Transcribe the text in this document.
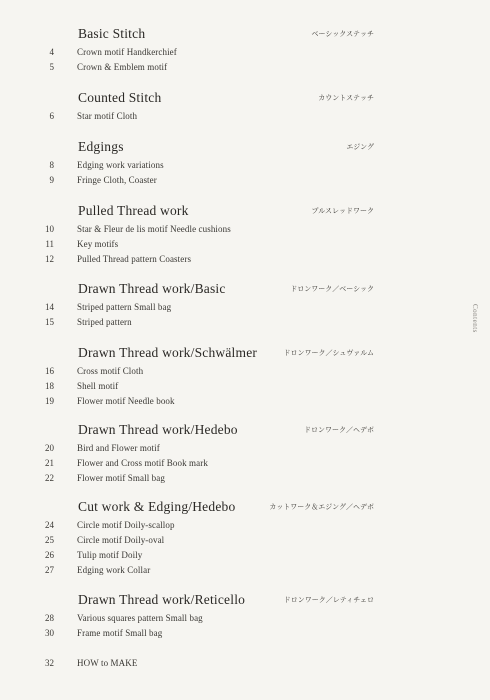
Basic Stitch	ベーシックステッチ
4	Crown motif Handkerchief
5	Crown & Emblem motif
Counted Stitch	カウントステッチ
6	Star motif Cloth
Edgings	エジング
8	Edging work variations
9	Fringe Cloth, Coaster
Pulled Thread work	プルスレッドワーク
10	Star & Fleur de lis motif Needle cushions
11	Key motifs
12	Pulled Thread pattern Coasters
Drawn Thread work/Basic	ドロンワーク／ベーシック
14	Striped pattern Small bag
15	Striped pattern
Drawn Thread work/Schwälmer	ドロンワーク／シュヴァルム
16	Cross motif Cloth
18	Shell motif
19	Flower motif Needle book
Drawn Thread work/Hedebo	ドロンワーク／ヘデボ
20	Bird and Flower motif
21	Flower and Cross motif Book mark
22	Flower motif Small bag
Cut work & Edging/Hedebo	カットワーク＆エジング／ヘデボ
24	Circle motif Doily-scallop
25	Circle motif Doily-oval
26	Tulip motif Doily
27	Edging work Collar
Drawn Thread work/Reticello	ドロンワーク／レティチェロ
28	Various squares pattern Small bag
30	Frame motif Small bag
32	HOW to MAKE
Contents
